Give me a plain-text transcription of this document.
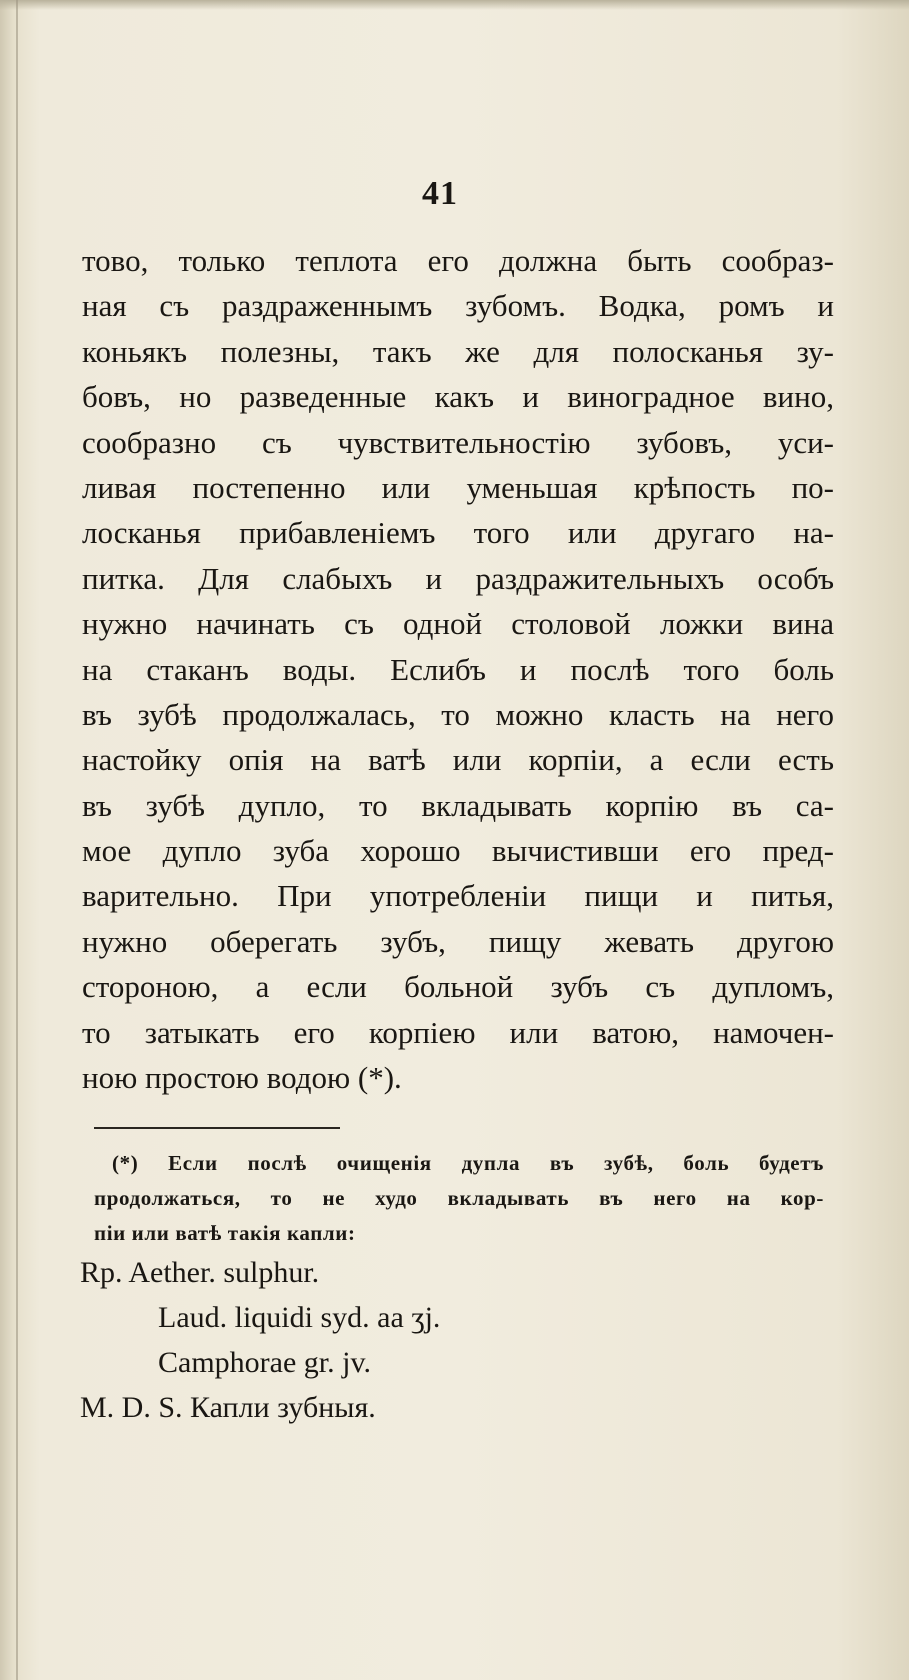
41
тово, только теплота его должна быть сообраз-
ная съ раздраженнымъ зубомъ. Водка, ромъ и
коньякъ полезны, такъ же для полосканья зу-
бовъ, но разведенные какъ и виноградное вино,
сообразно съ чувствительностію зубовъ, уси-
ливая постепенно или уменьшая крѣпость по-
лосканья прибавленіемъ того или другаго на-
питка. Для слабыхъ и раздражительныхъ особъ
нужно начинать съ одной столовой ложки вина
на стаканъ воды. Еслибъ и послѣ того боль
въ зубѣ продолжалась, то можно класть на него
настойку опія на ватѣ или корпіи, а если есть
въ зубѣ дупло, то вкладывать корпію въ са-
мое дупло зуба хорошо вычистивши его пред-
варительно. При употребленіи пищи и питья,
нужно оберегать зубъ, пищу жевать другою
стороною, а если больной зубъ съ дупломъ,
то затыкать его корпіею или ватою, намочен-
ною простою водою (*).
(*) Если послѣ очищенія дупла въ зубѣ, боль будетъ
продолжаться, то не худо вкладывать въ него на кор-
піи или ватѣ такія капли:
Rp. Aether. sulphur.
Laud. liquidi syd. aa ʒj.
Camphorae gr. jv.
M. D. S. Капли зубныя.
